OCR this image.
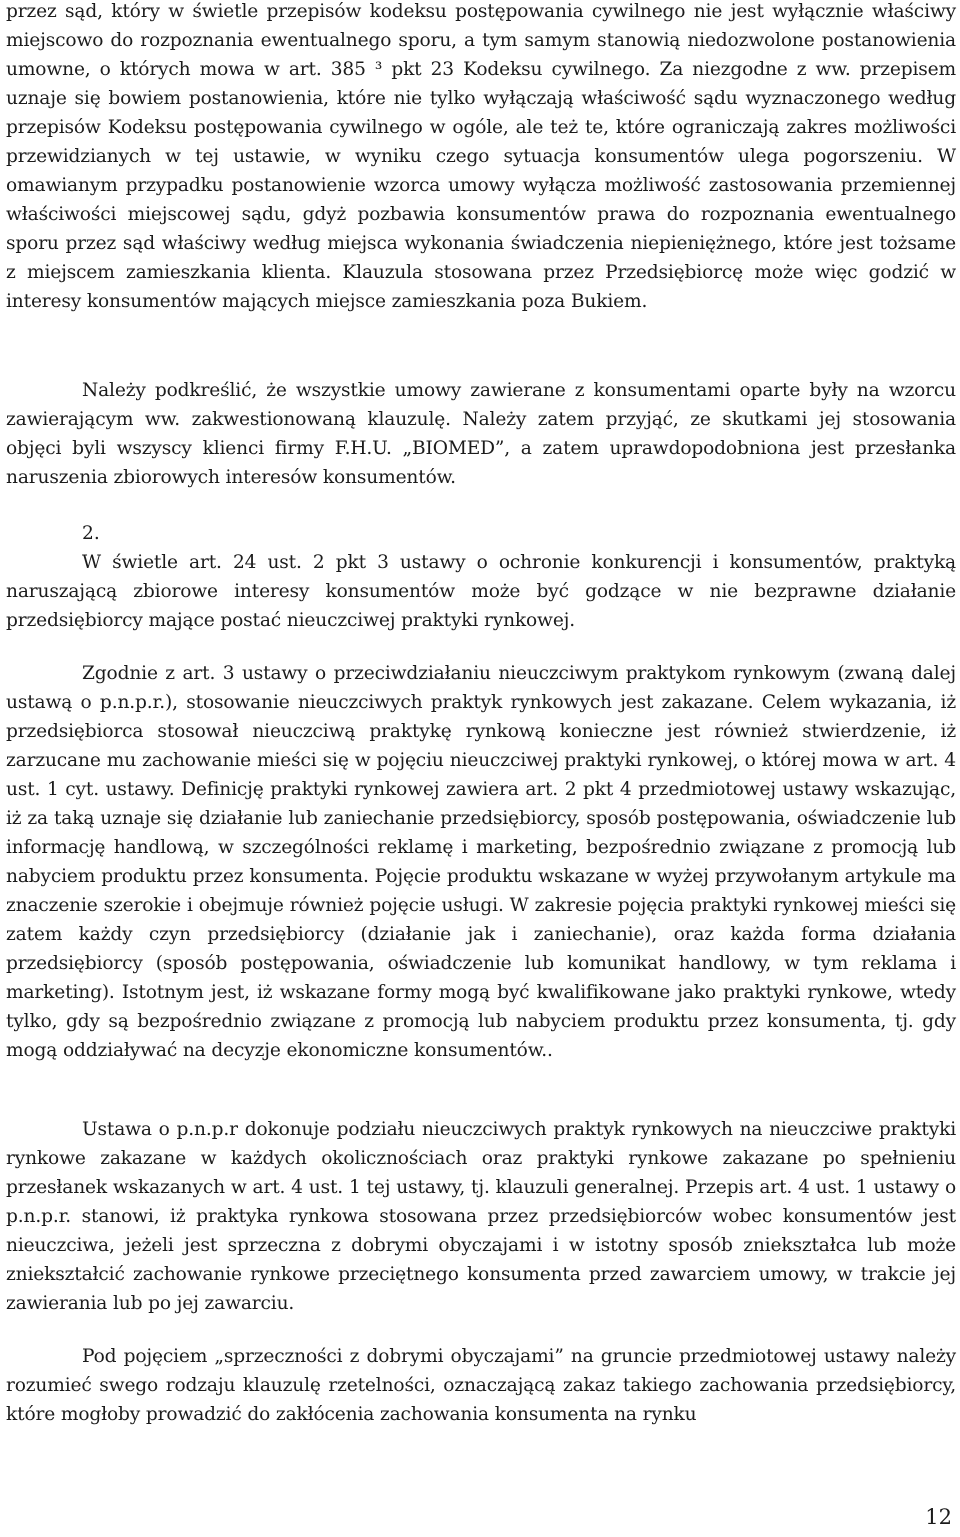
przez sąd, który w świetle przepisów kodeksu postępowania cywilnego nie jest wyłącznie właściwy miejscowo do rozpoznania ewentualnego sporu, a tym samym stanowią niedozwolone postanowienia umowne, o których mowa w art. 385 ³ pkt 23 Kodeksu cywilnego. Za niezgodne z ww. przepisem uznaje się bowiem postanowienia, które nie tylko wyłączają właściwość sądu wyznaczonego według przepisów Kodeksu postępowania cywilnego w ogóle, ale też te, które ograniczają zakres możliwości przewidzianych w tej ustawie, w wyniku czego sytuacja konsumentów ulega pogorszeniu. W omawianym przypadku postanowienie wzorca umowy wyłącza możliwość zastosowania przemiennej właściwości miejscowej sądu, gdyż pozbawia konsumentów prawa do rozpoznania ewentualnego sporu przez sąd właściwy według miejsca wykonania świadczenia niepieniężnego, które jest tożsame z miejscem zamieszkania klienta. Klauzula stosowana przez Przedsiębiorcę może więc godzić w interesy konsumentów mających miejsce zamieszkania poza Bukiem.

Należy podkreślić, że wszystkie umowy zawierane z konsumentami oparte były na wzorcu zawierającym ww. zakwestionowaną klauzulę. Należy zatem przyjąć, ze skutkami jej stosowania objęci byli wszyscy klienci firmy F.H.U. „BIOMED”, a zatem uprawdopodobniona jest przesłanka naruszenia zbiorowych interesów konsumentów.

2.

W świetle art. 24 ust. 2 pkt 3 ustawy o ochronie konkurencji i konsumentów, praktyką naruszającą zbiorowe interesy konsumentów może być godzące w nie bezprawne działanie przedsiębiorcy mające postać nieuczciwej praktyki rynkowej.

Zgodnie z art. 3 ustawy o przeciwdziałaniu nieuczciwym praktykom rynkowym (zwaną dalej ustawą o p.n.p.r.), stosowanie nieuczciwych praktyk rynkowych jest zakazane. Celem wykazania, iż przedsiębiorca stosował nieuczciwą praktykę rynkową konieczne jest również stwierdzenie, iż zarzucane mu zachowanie mieści się w pojęciu nieuczciwej praktyki rynkowej, o której mowa w art. 4 ust. 1 cyt. ustawy. Definicję praktyki rynkowej zawiera art. 2 pkt 4 przedmiotowej ustawy wskazując, iż za taką uznaje się działanie lub zaniechanie przedsiębiorcy, sposób postępowania, oświadczenie lub informację handlową, w szczególności reklamę i marketing, bezpośrednio związane z promocją lub nabyciem produktu przez konsumenta. Pojęcie produktu wskazane w wyżej przywołanym artykule ma znaczenie szerokie i obejmuje również pojęcie usługi. W zakresie pojęcia praktyki rynkowej mieści się zatem każdy czyn przedsiębiorcy (działanie jak i zaniechanie), oraz każda forma działania przedsiębiorcy (sposób postępowania, oświadczenie lub komunikat handlowy, w tym reklama i marketing). Istotnym jest, iż wskazane formy mogą być kwalifikowane jako praktyki rynkowe, wtedy tylko, gdy są bezpośrednio związane z promocją lub nabyciem produktu przez konsumenta, tj. gdy mogą oddziaływać na decyzje ekonomiczne konsumentów..

Ustawa o p.n.p.r dokonuje podziału nieuczciwych praktyk rynkowych na nieuczciwe praktyki rynkowe zakazane w każdych okolicznościach oraz praktyki rynkowe zakazane po spełnieniu przesłanek wskazanych w art. 4 ust. 1 tej ustawy, tj. klauzuli generalnej. Przepis art. 4 ust. 1 ustawy o p.n.p.r. stanowi, iż praktyka rynkowa stosowana przez przedsiębiorców wobec konsumentów jest nieuczciwa, jeżeli jest sprzeczna z dobrymi obyczajami i w istotny sposób zniekształca lub może zniekształcić zachowanie rynkowe przeciętnego konsumenta przed zawarciem umowy, w trakcie jej zawierania lub po jej zawarciu.

Pod pojęciem „sprzeczności z dobrymi obyczajami” na gruncie przedmiotowej ustawy należy rozumieć swego rodzaju klauzulę rzetelności, oznaczającą zakaz takiego zachowania przedsiębiorcy, które mogłoby prowadzić do zakłócenia zachowania konsumenta na rynku

12
